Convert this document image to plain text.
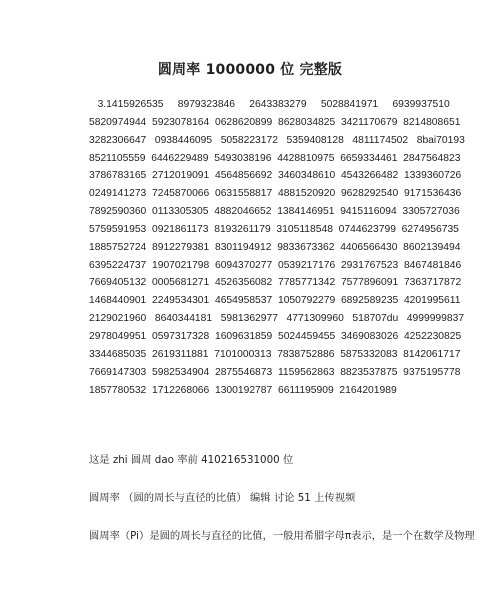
圆周率 1000000 位 完整版
3.1415926535     8979323846     2643383279     5028841971     6939937510
5820974944  5923078164  0628620899  8628034825  3421170679  8214808651
3282306647   0938446095   5058223172   5359408128   4811174502   8bai70193
8521105559  6446229489  5493038196  4428810975  6659334461  2847564823
3786783165  2712019091  4564856692  3460348610  4543266482  1339360726
0249141273  7245870066  0631558817  4881520920  9628292540  9171536436
7892590360  0113305305  4882046652  1384146951  9415116094  3305727036
5759591953  0921861173  8193261179  3105118548  0744623799  6274956735
1885752724  8912279381  8301194912  9833673362  4406566430  8602139494
6395224737  1907021798  6094370277  0539217176  2931767523  8467481846
7669405132  0005681271  4526356082  7785771342  7577896091  7363717872
1468440901  2249534301  4654958537  1050792279  6892589235  4201995611
2129021960   8640344181   5981362977   4771309960   518707du   4999999837
2978049951  0597317328  1609631859  5024459455  3469083026  4252230825
3344685035  2619311881  7101000313  7838752886  5875332083  8142061717
7669147303  5982534904  2875546873  1159562863  8823537875  9375195778
1857780532  1712268066  1300192787  6611195909  2164201989
这是 zhi 圆周 dao 率前 410216531000 位
圆周率 （圆的周长与直径的比值） 编辑 讨论 51 上传视频
圆周率（Pi）是圆的周长与直径的比值，一般用希腊字母π表示，是一个在数学及物理
